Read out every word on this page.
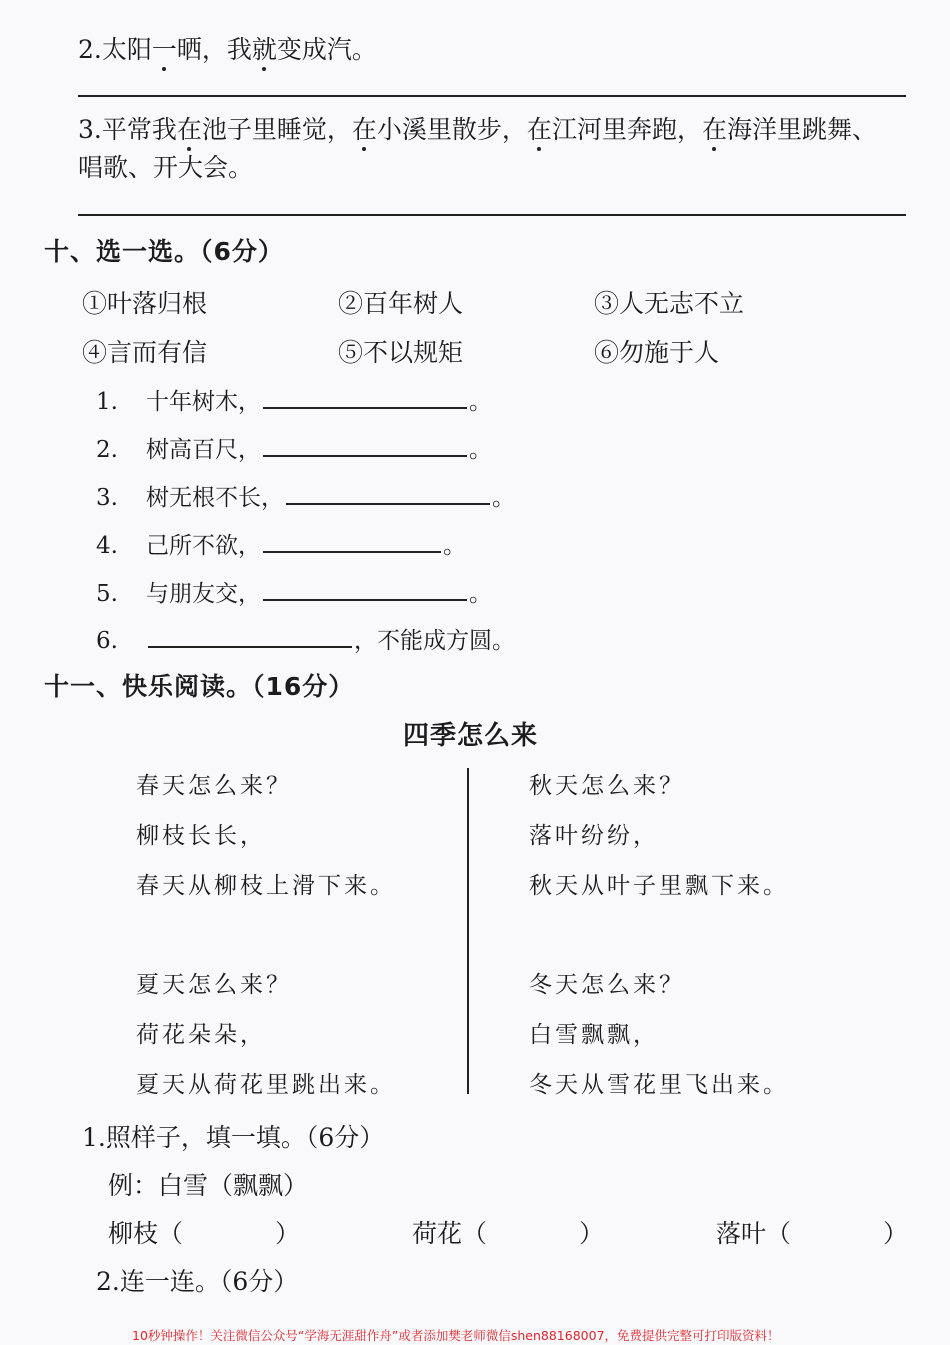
2.太阳一晒，我就变成汽。
3.平常我在池子里睡觉，在小溪里散步，在江河里奔跑，在海洋里跳舞、
唱歌、开大会。
十、选一选。（6分）
①叶落归根	②百年树人	③人无志不立
④言而有信	⑤不以规矩	⑥勿施于人
1. 十年树木，	。
2. 树高百尺，	。
3. 树无根不长，	。
4. 己所不欲，	。
5. 与朋友交，	。
6.	，不能成方圆。
十一、快乐阅读。（16分）
四季怎么来
春天怎么来？
柳枝长长，
春天从柳枝上滑下来。
夏天怎么来？
荷花朵朵，
夏天从荷花里跳出来。
秋天怎么来？
落叶纷纷，
秋天从叶子里飘下来。
冬天怎么来？
白雪飘飘，
冬天从雪花里飞出来。
1.照样子，填一填。（6分）
例：白雪（飘飘）
柳枝（	）	荷花（	）	落叶（	）
2.连一连。（6分）
10秒钟操作！关注微信公众号“学海无涯甜作舟”或者添加樊老师微信shen88168007，免费提供完整可打印版资料！
